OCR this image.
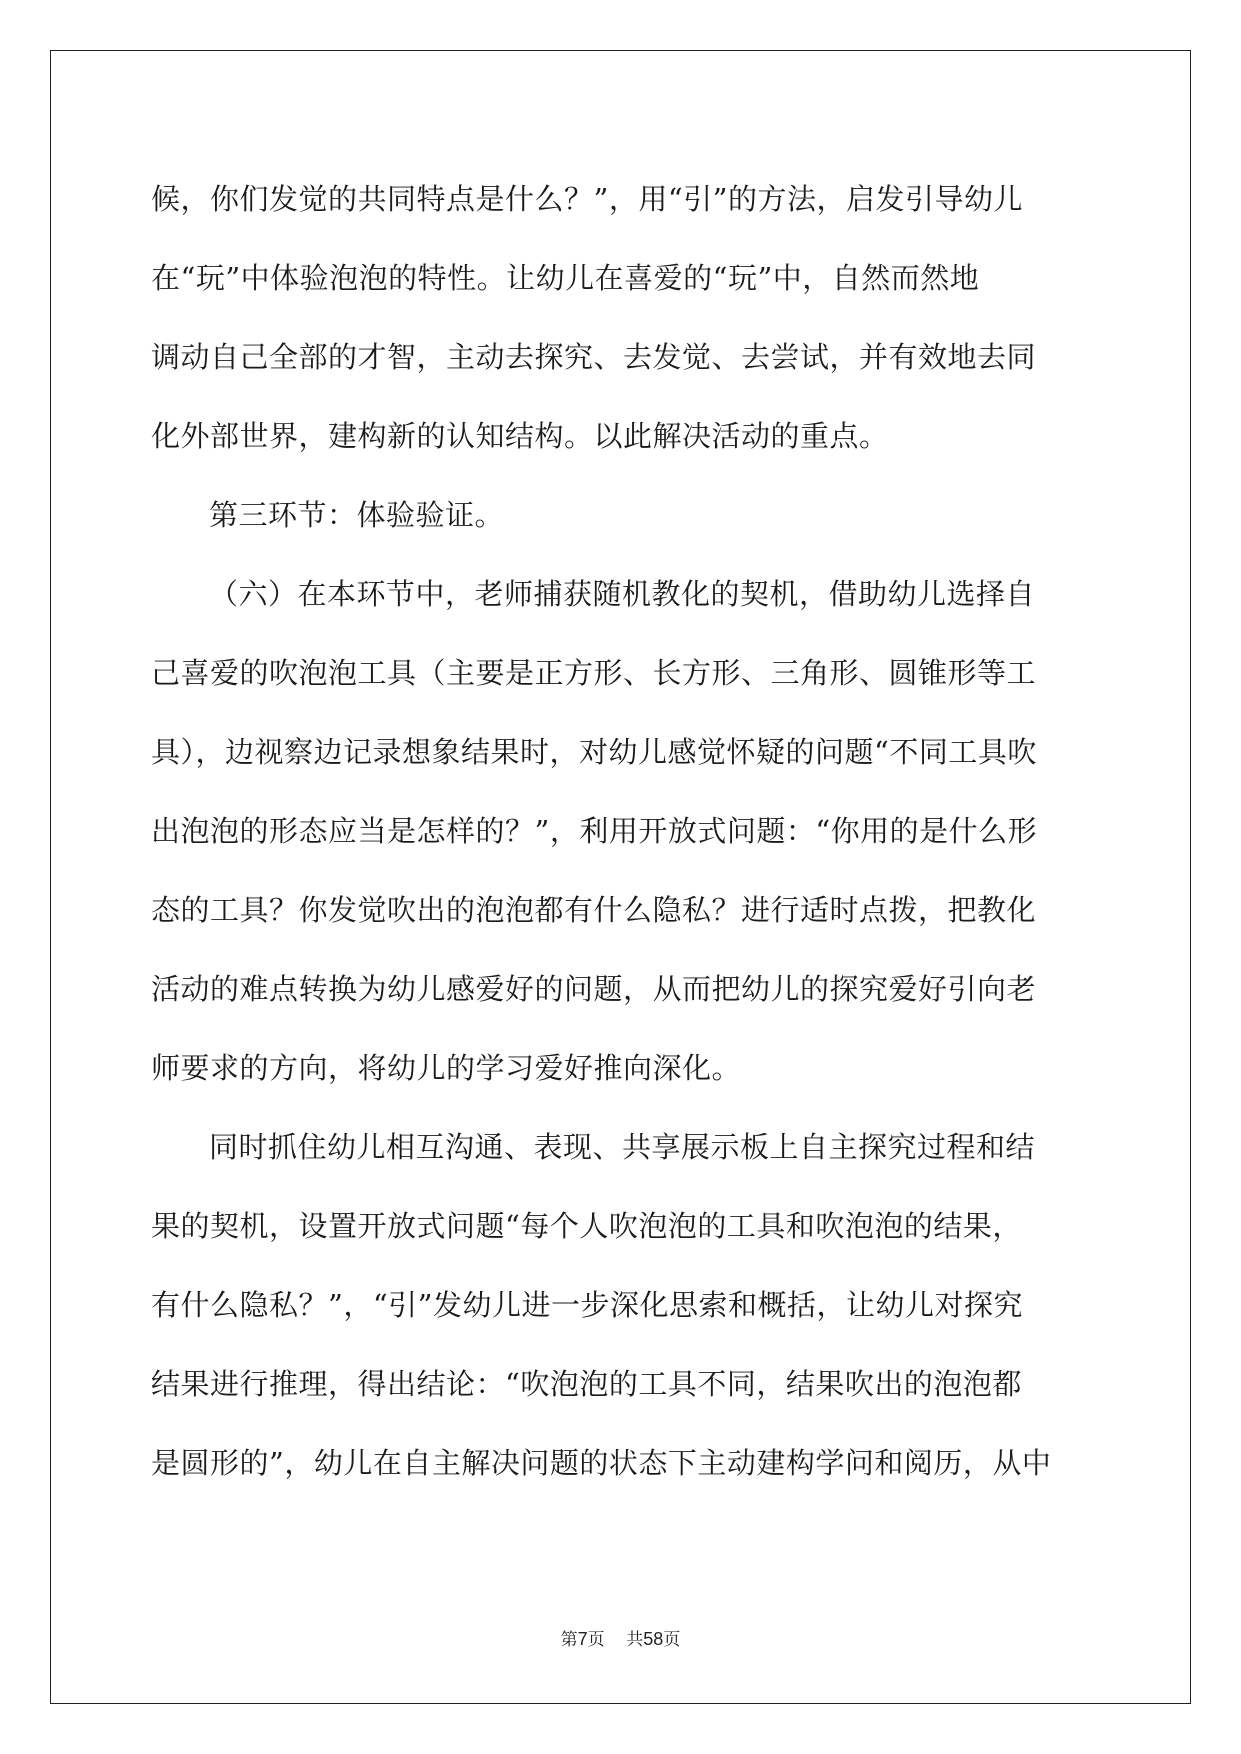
候，你们发觉的共同特点是什么？”，用“引”的方法，启发引导幼儿
在“玩”中体验泡泡的特性。让幼儿在喜爱的“玩”中，自然而然地
调动自己全部的才智，主动去探究、去发觉、去尝试，并有效地去同
化外部世界，建构新的认知结构。以此解决活动的重点。
第三环节：体验验证。
（六）在本环节中，老师捕获随机教化的契机，借助幼儿选择自
己喜爱的吹泡泡工具（主要是正方形、长方形、三角形、圆锥形等工
具），边视察边记录想象结果时，对幼儿感觉怀疑的问题“不同工具吹
出泡泡的形态应当是怎样的？”，利用开放式问题：“你用的是什么形
态的工具？你发觉吹出的泡泡都有什么隐私？进行适时点拨，把教化
活动的难点转换为幼儿感爱好的问题，从而把幼儿的探究爱好引向老
师要求的方向，将幼儿的学习爱好推向深化。
同时抓住幼儿相互沟通、表现、共享展示板上自主探究过程和结
果的契机，设置开放式问题“每个人吹泡泡的工具和吹泡泡的结果，
有什么隐私？”，“引”发幼儿进一步深化思索和概括，让幼儿对探究
结果进行推理，得出结论：“吹泡泡的工具不同，结果吹出的泡泡都
是圆形的”，幼儿在自主解决问题的状态下主动建构学问和阅历，从中
第7页 共58页
